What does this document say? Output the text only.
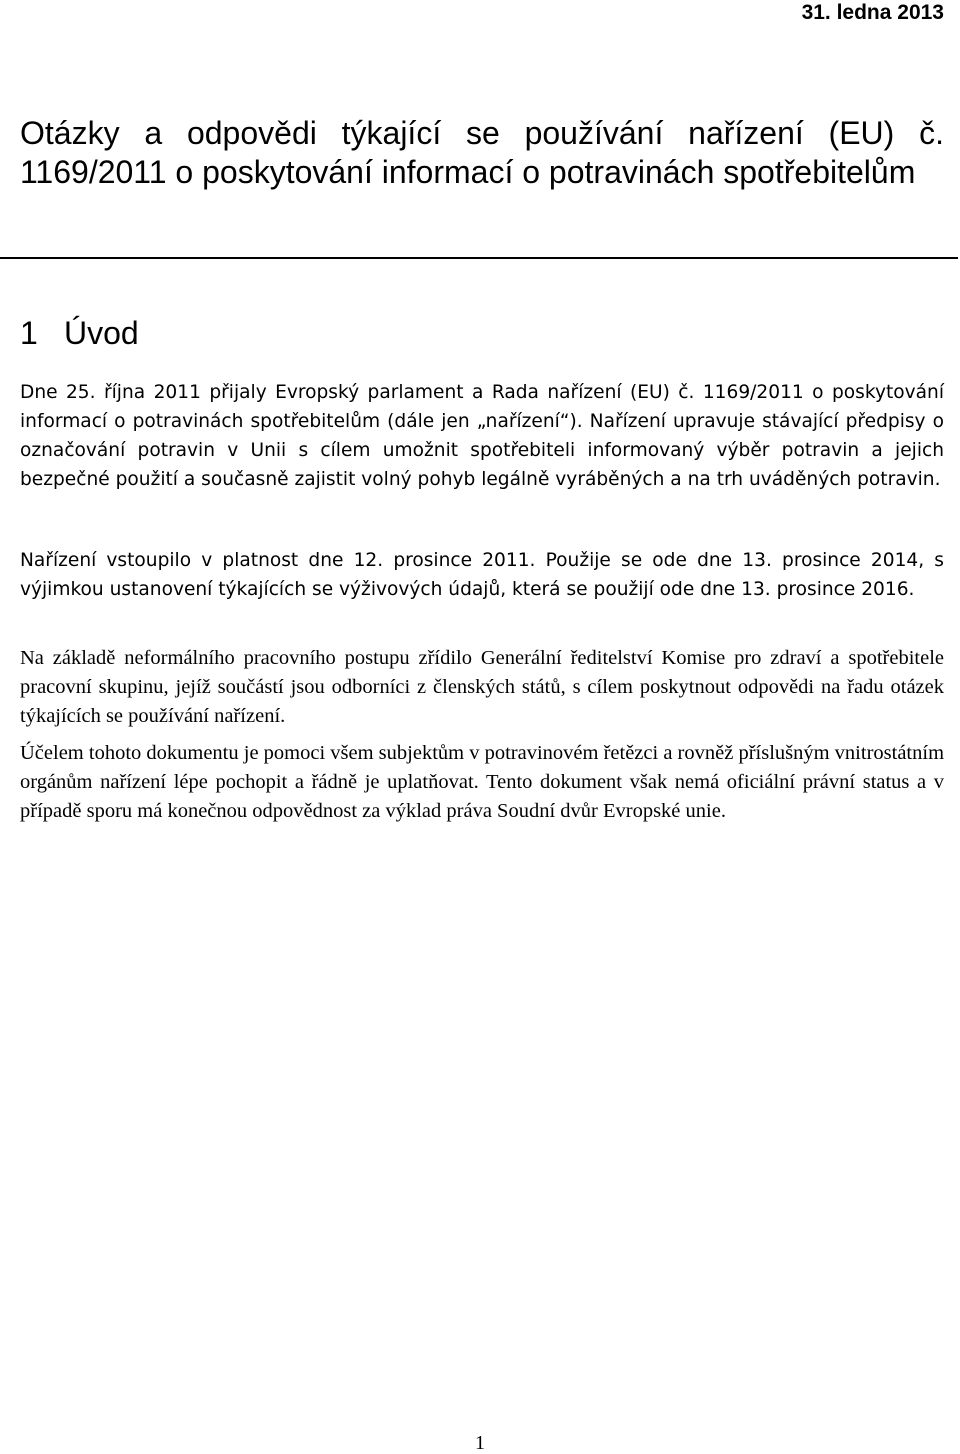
31. ledna 2013
Otázky a odpovědi týkající se používání nařízení (EU) č. 1169/2011 o poskytování informací o potravinách spotřebitelům
1 Úvod

Dne 25. října 2011 přijaly Evropský parlament a Rada nařízení (EU) č. 1169/2011 o poskytování informací o potravinách spotřebitelům (dále jen „nařízení“). Nařízení upravuje stávající předpisy o označování potravin v Unii s cílem umožnit spotřebiteli informovaný výběr potravin a jejich bezpečné použití a současně zajistit volný pohyb legálně vyráběných a na trh uváděných potravin.

Nařízení vstoupilo v platnost dne 12. prosince 2011. Použije se ode dne 13. prosince 2014, s výjimkou ustanovení týkajících se výživových údajů, která se použijí ode dne 13. prosince 2016.

Na základě neformálního pracovního postupu zřídilo Generální ředitelství Komise pro zdraví a spotřebitele pracovní skupinu, jejíž součástí jsou odborníci z členských států, s cílem poskytnout odpovědi na řadu otázek týkajících se používání nařízení.

Účelem tohoto dokumentu je pomoci všem subjektům v potravinovém řetězci a rovněž příslušným vnitrostátním orgánům nařízení lépe pochopit a řádně je uplatňovat. Tento dokument však nemá oficiální právní status a v případě sporu má konečnou odpovědnost za výklad práva Soudní dvůr Evropské unie.

1
